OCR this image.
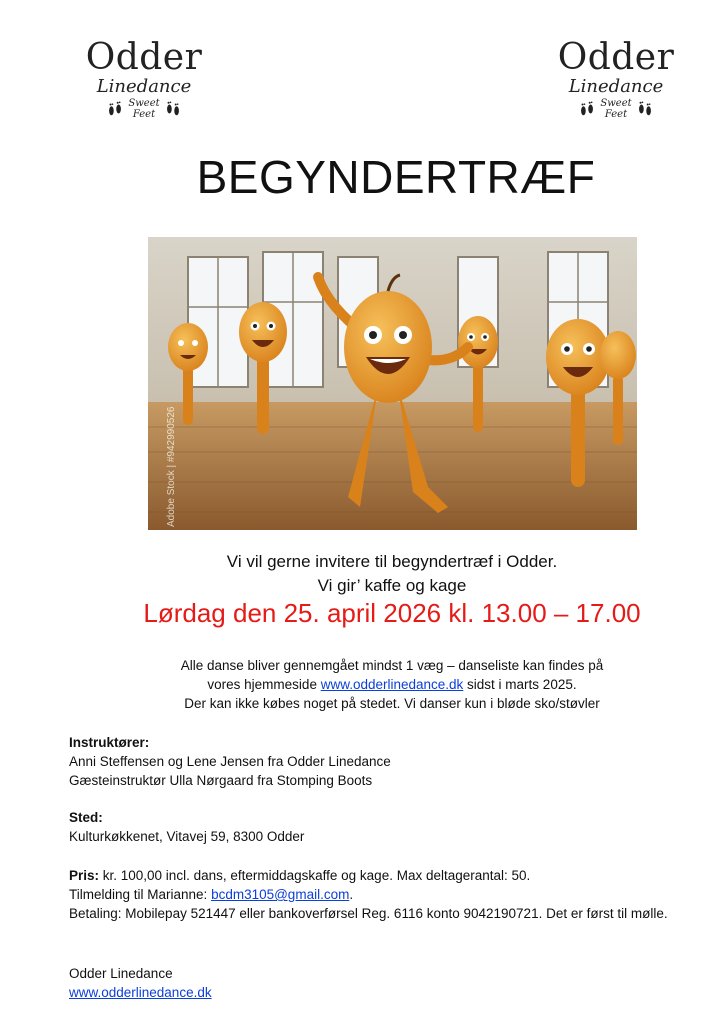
Odder
Linedance
Sweet
Feet
Odder
Linedance
Sweet
Feet
BEGYNDERTRÆF
Adobe Stock | #942990526
Vi vil gerne invitere til begyndertræf i Odder.
Vi gir’ kaffe og kage
Lørdag den 25. april 2026 kl. 13.00 – 17.00
Alle danse bliver gennemgået mindst 1 væg – danseliste kan findes på
vores hjemmeside www.odderlinedance.dk sidst i marts 2025.
Der kan ikke købes noget på stedet. Vi danser kun i bløde sko/støvler
Instruktører:
Anni Steffensen og Lene Jensen fra Odder Linedance
Gæsteinstruktør Ulla Nørgaard fra Stomping Boots
Sted:
Kulturkøkkenet, Vitavej 59, 8300 Odder
Pris: kr. 100,00 incl. dans, eftermiddagskaffe og kage. Max deltagerantal: 50.
Tilmelding til Marianne: bcdm3105@gmail.com.
Betaling: Mobilepay 521447 eller bankoverførsel Reg. 6116 konto 9042190721. Det er først til mølle.
Odder Linedance
www.odderlinedance.dk
